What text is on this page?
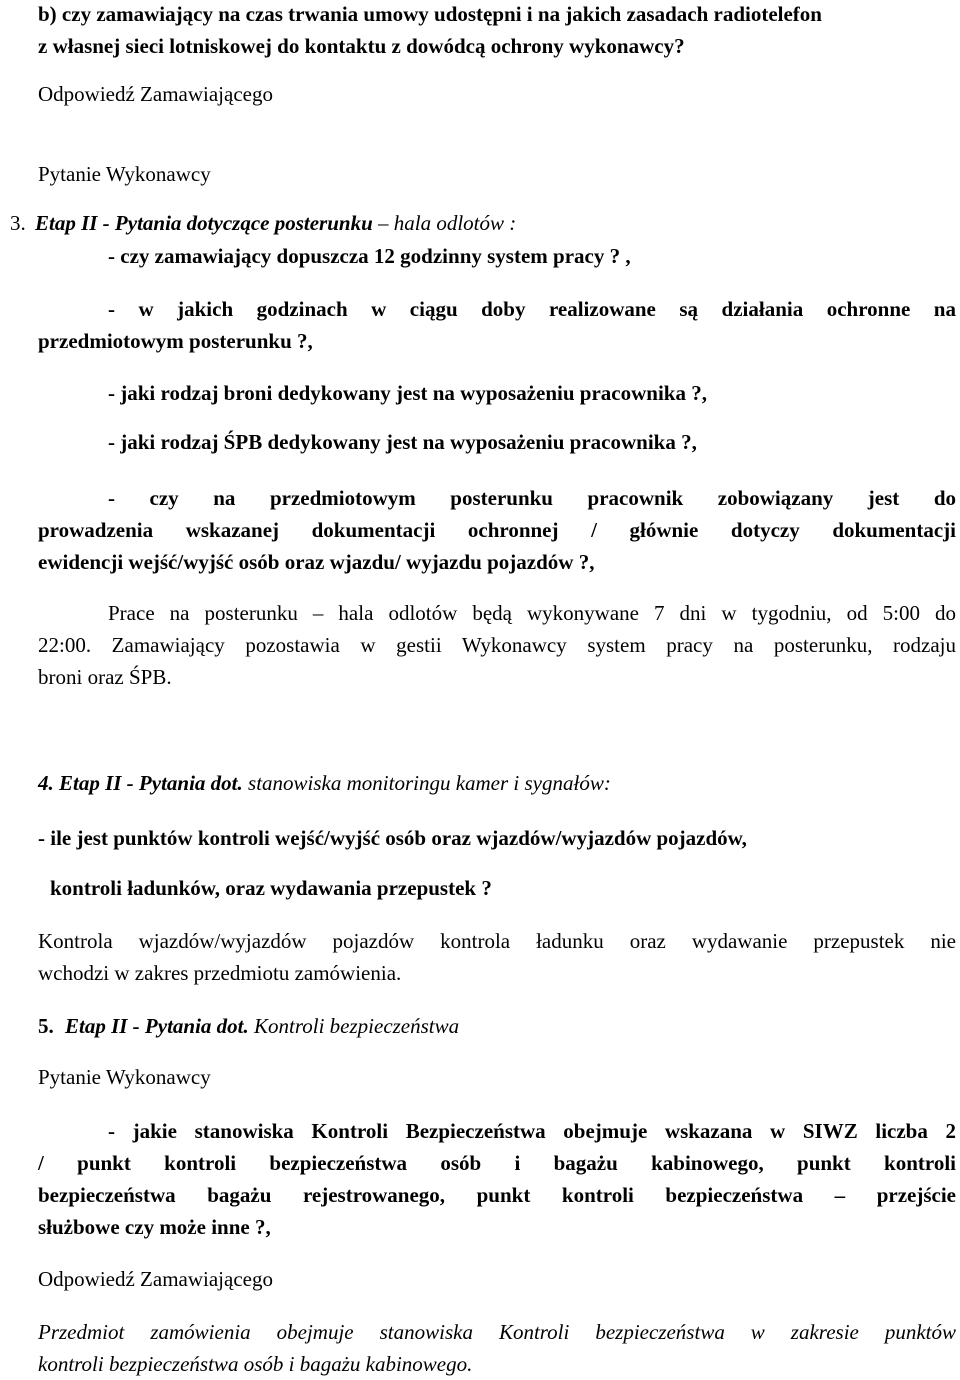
b) czy zamawiający na czas trwania umowy udostępni i na jakich zasadach radiotelefon
z własnej sieci lotniskowej do kontaktu z dowódcą ochrony wykonawcy?
Odpowiedź Zamawiającego
Pytanie Wykonawcy
3. Etap II - Pytania dotyczące posterunku – hala odlotów :
- czy zamawiający dopuszcza 12 godzinny system pracy ? ,
- w jakich godzinach w ciągu doby realizowane są działania ochronne na
przedmiotowym posterunku ?,
- jaki rodzaj broni dedykowany jest na wyposażeniu pracownika ?,
- jaki rodzaj ŚPB dedykowany jest na wyposażeniu pracownika ?,
- czy na przedmiotowym posterunku pracownik zobowiązany jest do
prowadzenia wskazanej dokumentacji ochronnej / głównie dotyczy dokumentacji
ewidencji wejść/wyjść osób oraz wjazdu/ wyjazdu pojazdów ?,
Prace na posterunku – hala odlotów będą wykonywane 7 dni w tygodniu, od 5:00 do
22:00. Zamawiający pozostawia w gestii Wykonawcy system pracy na posterunku, rodzaju
broni oraz ŚPB.
4. Etap II - Pytania dot. stanowiska monitoringu kamer i sygnałów:
- ile jest punktów kontroli wejść/wyjść osób oraz wjazdów/wyjazdów pojazdów,
kontroli ładunków, oraz wydawania przepustek ?
Kontrola wjazdów/wyjazdów pojazdów kontrola ładunku oraz wydawanie przepustek nie
wchodzi w zakres przedmiotu zamówienia.
5. Etap II - Pytania dot. Kontroli bezpieczeństwa
Pytanie Wykonawcy
- jakie stanowiska Kontroli Bezpieczeństwa obejmuje wskazana w SIWZ liczba 2
/ punkt kontroli bezpieczeństwa osób i bagażu kabinowego, punkt kontroli
bezpieczeństwa bagażu rejestrowanego, punkt kontroli bezpieczeństwa – przejście
służbowe czy może inne ?,
Odpowiedź Zamawiającego
Przedmiot zamówienia obejmuje stanowiska Kontroli bezpieczeństwa w zakresie punktów
kontroli bezpieczeństwa osób i bagażu kabinowego.
